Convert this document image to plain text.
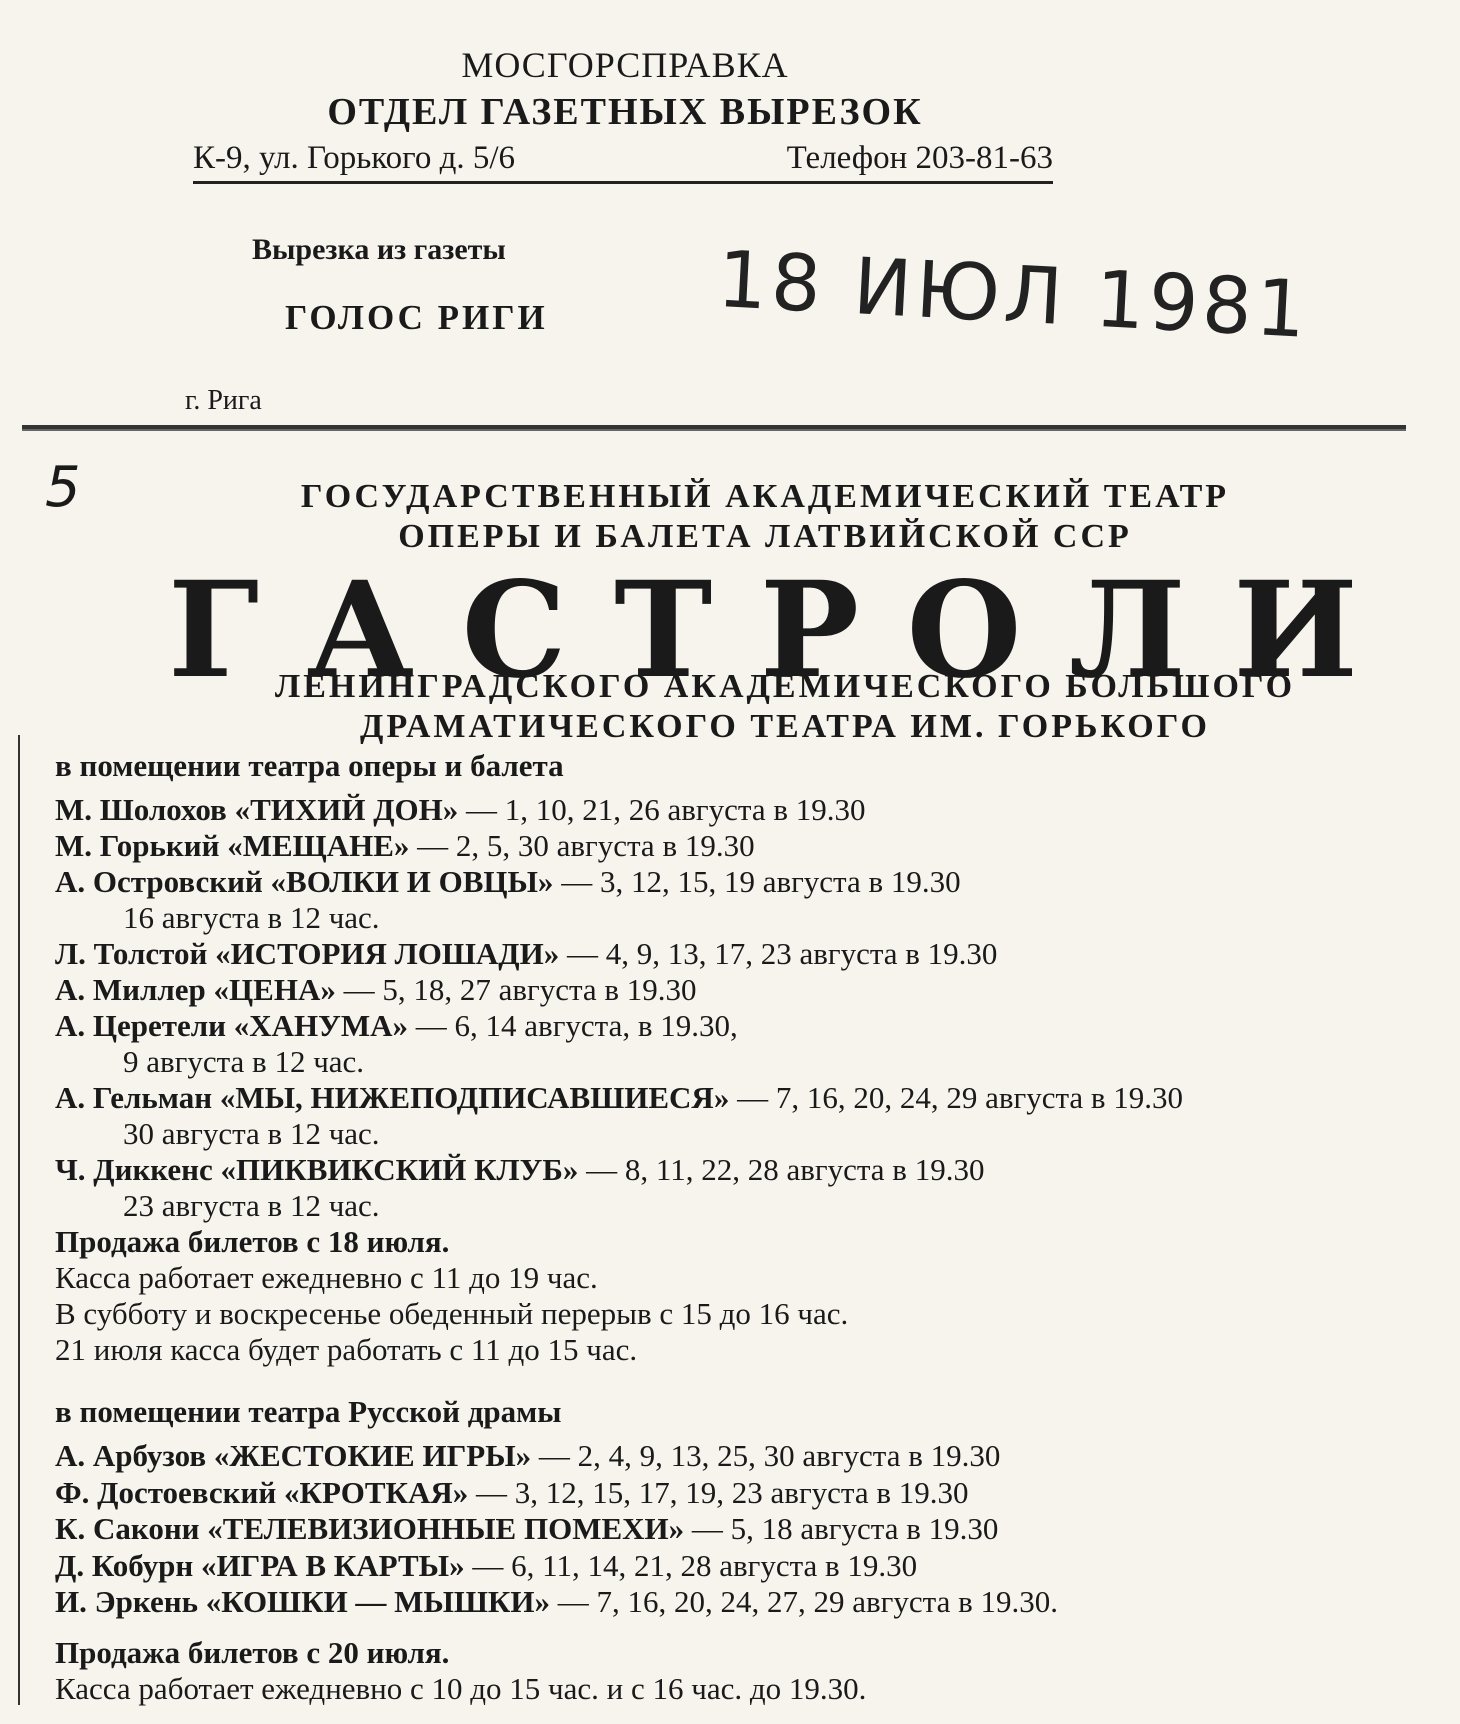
МОСГОРСПРАВКА
ОТДЕЛ ГАЗЕТНЫХ ВЫРЕЗОК
К-9, ул. Горького д. 5/6	Телефон 203-81-63
Вырезка из газеты
ГОЛОС РИГИ 18 ИЮЛ 1981
г. Рига
5	ГОСУДАРСТВЕННЫЙ АКАДЕМИЧЕСКИЙ ТЕАТР
ОПЕРЫ И БАЛЕТА ЛАТВИЙСКОЙ ССР
Г А С Т Р О Л И
ЛЕНИНГРАДСКОГО АКАДЕМИЧЕСКОГО БОЛЬШОГО
ДРАМАТИЧЕСКОГО ТЕАТРА ИМ. ГОРЬКОГО
в помещении театра оперы и балета
М. Шолохов «ТИХИЙ ДОН» — 1, 10, 21, 26 августа в 19.30
М. Горький «МЕЩАНЕ» — 2, 5, 30 августа в 19.30
А. Островский «ВОЛКИ И ОВЦЫ» — 3, 12, 15, 19 августа в 19.30
16 августа в 12 час.
Л. Толстой «ИСТОРИЯ ЛОШАДИ» — 4, 9, 13, 17, 23 августа в 19.30
А. Миллер «ЦЕНА» — 5, 18, 27 августа в 19.30
А. Церетели «ХАНУМА» — 6, 14 августа, в 19.30,
9 августа в 12 час.
А. Гельман «МЫ, НИЖЕПОДПИСАВШИЕСЯ» — 7, 16, 20, 24, 29 августа в 19.30
30 августа в 12 час.
Ч. Диккенс «ПИКВИКСКИЙ КЛУБ» — 8, 11, 22, 28 августа в 19.30
23 августа в 12 час.
Продажа билетов с 18 июля.
Касса работает ежедневно с 11 до 19 час.
В субботу и воскресенье обеденный перерыв с 15 до 16 час.
21 июля касса будет работать с 11 до 15 час.
в помещении театра Русской драмы
А. Арбузов «ЖЕСТОКИЕ ИГРЫ» — 2, 4, 9, 13, 25, 30 августа в 19.30
Ф. Достоевский «КРОТКАЯ» — 3, 12, 15, 17, 19, 23 августа в 19.30
К. Сакони «ТЕЛЕВИЗИОННЫЕ ПОМЕХИ» — 5, 18 августа в 19.30
Д. Кобурн «ИГРА В КАРТЫ» — 6, 11, 14, 21, 28 августа в 19.30
И. Эркень «КОШКИ — МЫШКИ» — 7, 16, 20, 24, 27, 29 августа в 19.30.
Продажа билетов с 20 июля.
Касса работает ежедневно с 10 до 15 час. и с 16 час. до 19.30.
